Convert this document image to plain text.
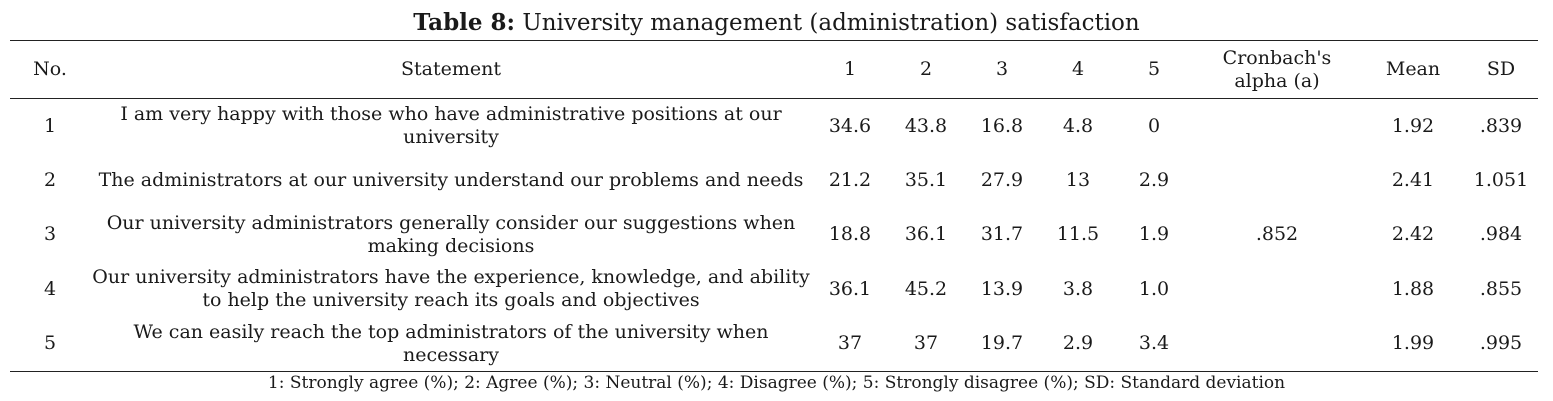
Table 8: University management (administration) satisfaction
No.	Statement	1	2	3	4	5	Cronbach's alpha (a)	Mean	SD
1	I am very happy with those who have administrative positions at our university	34.6	43.8	16.8	4.8	0	.852	1.92	.839
2	The administrators at our university understand our problems and needs	21.2	35.1	27.9	13	2.9		2.41	1.051
3	Our university administrators generally consider our suggestions when making decisions	18.8	36.1	31.7	11.5	1.9		2.42	.984
4	Our university administrators have the experience, knowledge, and ability to help the university reach its goals and objectives	36.1	45.2	13.9	3.8	1.0		1.88	.855
5	We can easily reach the top administrators of the university when necessary	37	37	19.7	2.9	3.4		1.99	.995
1: Strongly agree (%); 2: Agree (%); 3: Neutral (%); 4: Disagree (%); 5: Strongly disagree (%); SD: Standard deviation
